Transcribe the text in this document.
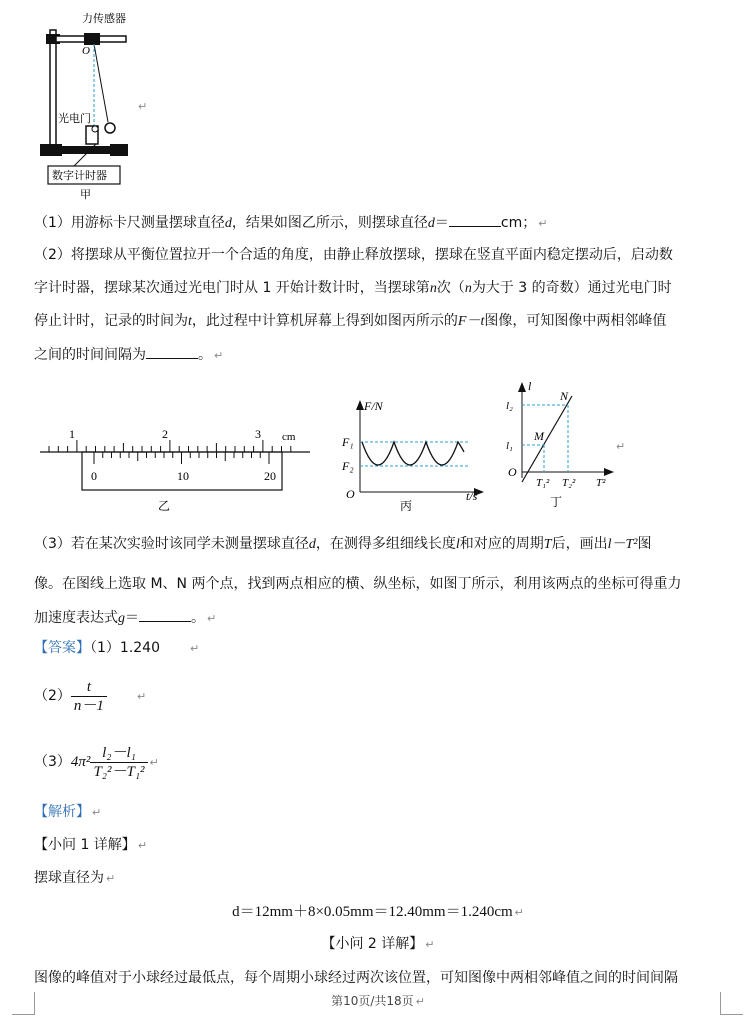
力传感器
O
光电门
数字计时器
甲
↵
（1）用游标卡尺测量摆球直径d，结果如图乙所示，则摆球直径d＝	cm； ↵
（2）将摆球从平衡位置拉开一个合适的角度，由静止释放摆球，摆球在竖直平面内稳定摆动后，启动数
字计时器，摆球某次通过光电门时从 1 开始计数计时，当摆球第n次（n为大于 3 的奇数）通过光电门时
停止计时，记录的时间为t，此过程中计算机屏幕上得到如图丙所示的F－t图像，可知图像中两相邻峰值
之间的时间间隔为	。 ↵
1	2	3 cm
0	10	20
乙
F/N
F₁
F₂
O	t/s
丙
l
l₂
l₁
M
N
O
T₁² T₂² T²
丁
↵
（3）若在某次实验时该同学未测量摆球直径d，在测得多组细线长度l和对应的周期T后，画出l－T²图
像。在图线上选取 M、N 两个点，找到两点相应的横、纵坐标，如图丁所示，利用该两点的坐标可得重力
加速度表达式g＝	。 ↵
【答案】（1）1.240	↵
$(2) \frac{t}{n-1}$	↵
$(3)4\pi^2 \frac{\text{l₂－l₁}}{\text{T₂²－T₁²}}$ ↵
【解析】 ↵
【小问 1 详解】 ↵
摆球直径为 ↵
d＝12mm＋8×0.05mm＝12.40mm＝1.240cm ↵
【小问 2 详解】 ↵
图像的峰值对于小球经过最低点，每个周期小球经过两次该位置，可知图像中两相邻峰值之间的时间间隔
第10页/共18页 ↵
